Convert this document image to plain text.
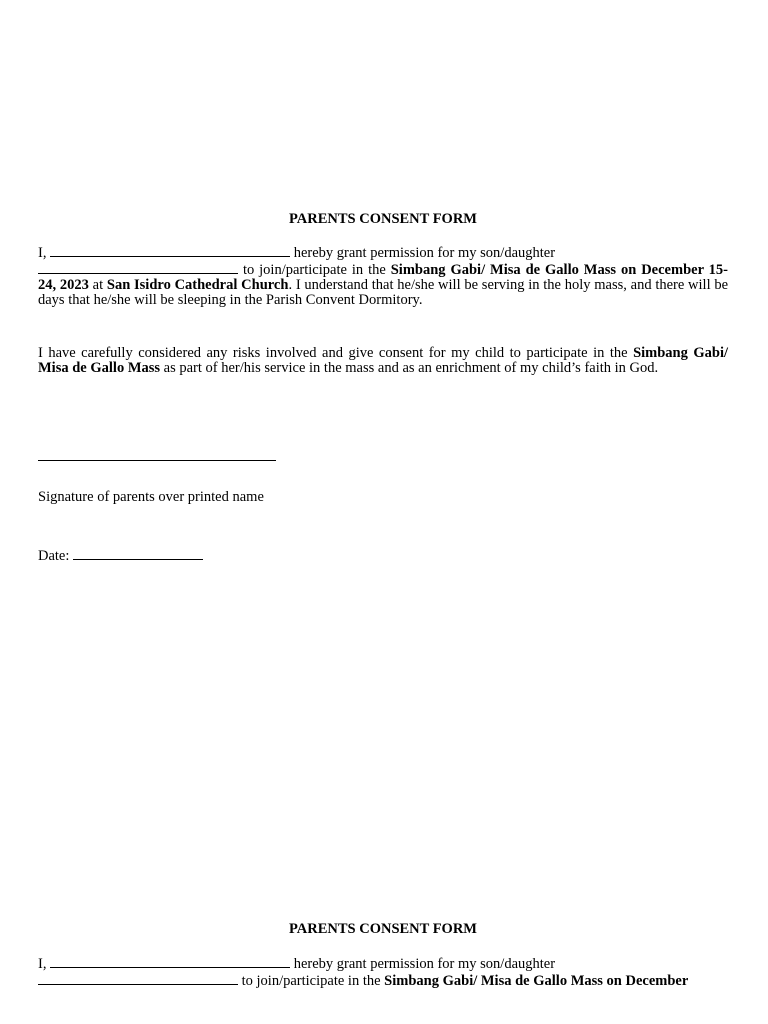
PARENTS CONSENT FORM

I,	hereby grant permission for my son/daughter
to join/participate in the Simbang Gabi/ Misa de Gallo Mass on December 15-24, 2023 at San Isidro Cathedral Church. I understand that he/she will be serving in the holy mass, and there will be days that he/she will be sleeping in the Parish Convent Dormitory.

I have carefully considered any risks involved and give consent for my child to participate in the Simbang Gabi/ Misa de Gallo Mass as part of her/his service in the mass and as an enrichment of my child’s faith in God.

Signature of parents over printed name
Date:

PARENTS CONSENT FORM

I,	hereby grant permission for my son/daughter
to join/participate in the Simbang Gabi/ Misa de Gallo Mass on December
